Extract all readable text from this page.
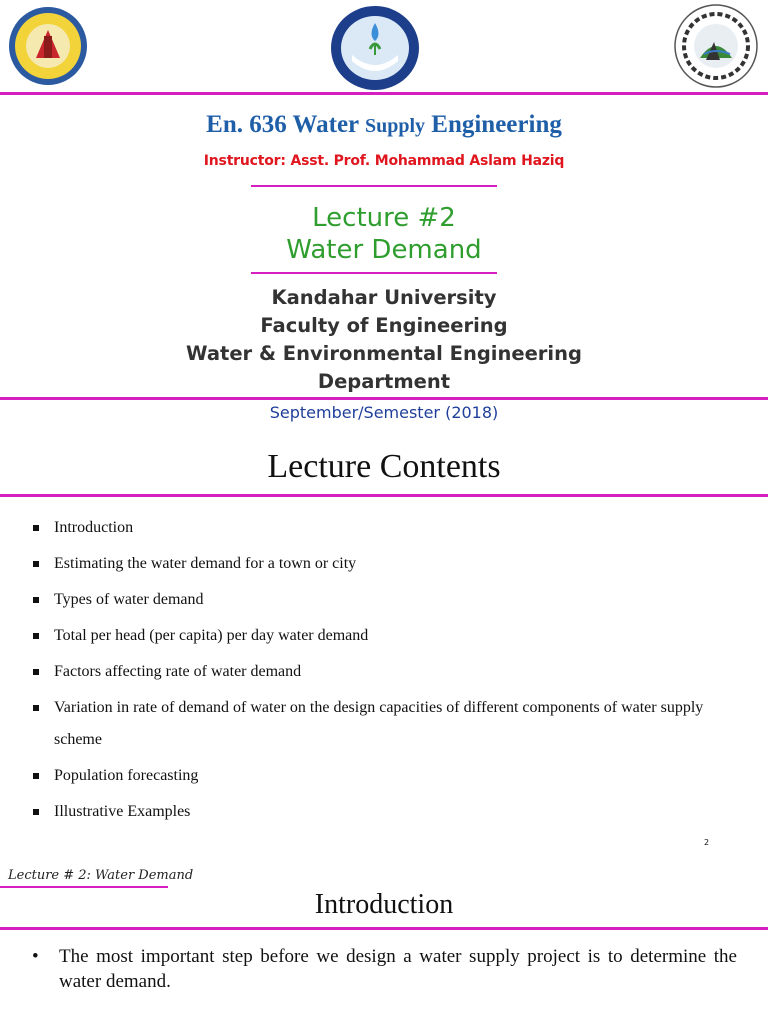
En. 636 Water Supply Engineering
Instructor: Asst. Prof. Mohammad Aslam Haziq
Lecture #2
Water Demand
Kandahar University
Faculty of Engineering
Water & Environmental Engineering
Department
September/Semester (2018)
Lecture Contents
Introduction
Estimating the water demand for a town or city
Types of water demand
Total per head (per capita) per day water demand
Factors affecting rate of water demand
Variation in rate of demand of water on the design capacities of different components of water supply scheme
Population forecasting
Illustrative Examples
2
Lecture # 2: Water Demand
Introduction
• The most important step before we design a water supply project is to determine the water demand.
